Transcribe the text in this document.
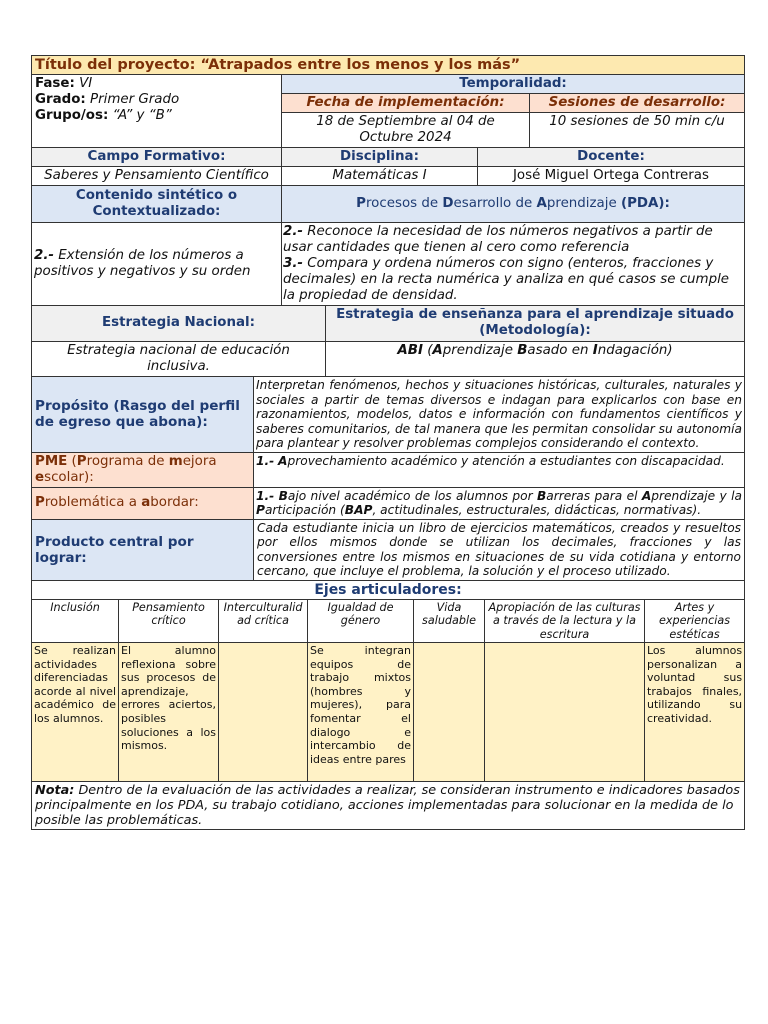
Título del proyecto: “Atrapados entre los menos y los más”		
Fase: VI
Grado: Primer Grado
Grupo/os: “A” y “B”	Temporalidad:	
	Fecha de implementación:	Sesiones de desarrollo:
	18 de Septiembre al 04 de Octubre 2024	10 sesiones de 50 min c/u
Campo Formativo:	Disciplina:	Docente:
Saberes y Pensamiento Científico	Matemáticas I	José Miguel Ortega Contreras
Contenido sintético o Contextualizado:	Procesos de Desarrollo de Aprendizaje (PDA):
2.- Extensión de los números a positivos y negativos y su orden	2.- Reconoce la necesidad de los números negativos a partir de usar cantidades que tienen al cero como referencia
3.- Compara y ordena números con signo (enteros, fracciones y decimales) en la recta numérica y analiza en qué casos se cumple la propiedad de densidad.
Estrategia Nacional:	Estrategia de enseñanza para el aprendizaje situado (Metodología):
Estrategia nacional de educación inclusiva.	ABI (Aprendizaje Basado en Indagación)
Propósito (Rasgo del perfil de egreso que abona):	Interpretan fenómenos, hechos y situaciones históricas, culturales, naturales y sociales a partir de temas diversos e indagan para explicarlos con base en razonamientos, modelos, datos e información con fundamentos científicos y saberes comunitarios, de tal manera que les permitan consolidar su autonomía para plantear y resolver problemas complejos considerando el contexto.
PME (Programa de mejora escolar):	1.- Aprovechamiento académico y atención a estudiantes con discapacidad.
Problemática a abordar:	1.- Bajo nivel académico de los alumnos por Barreras para el Aprendizaje y la Participación (BAP, actitudinales, estructurales, didácticas, normativas).
Producto central por lograr:	Cada estudiante inicia un libro de ejercicios matemáticos, creados y resueltos por ellos mismos donde se utilizan los decimales, fracciones y las conversiones entre los mismos en situaciones de su vida cotidiana y entorno cercano, que incluye el problema, la solución y el proceso utilizado.
Ejes articuladores:						
Inclusión	Pensamiento crítico	Interculturalid ad crítica	Igualdad de género	Vida saludable	Apropiación de las culturas a través de la lectura y la escritura	Artes y experiencias estéticas
Se realizan actividades diferenciadas acorde al nivel académico de los alumnos.	El alumno reflexiona sobre sus procesos de aprendizaje, errores aciertos, posibles soluciones a los mismos.		Se integran equipos de trabajo mixtos (hombres y mujeres), para fomentar el dialogo e intercambio de ideas entre pares			Los alumnos personalizan a voluntad sus trabajos finales, utilizando su creatividad.
Nota: Dentro de la evaluación de las actividades a realizar, se consideran instrumento e indicadores basados principalmente en los PDA, su trabajo cotidiano, acciones implementadas para solucionar en la medida de lo posible las problemáticas.						
